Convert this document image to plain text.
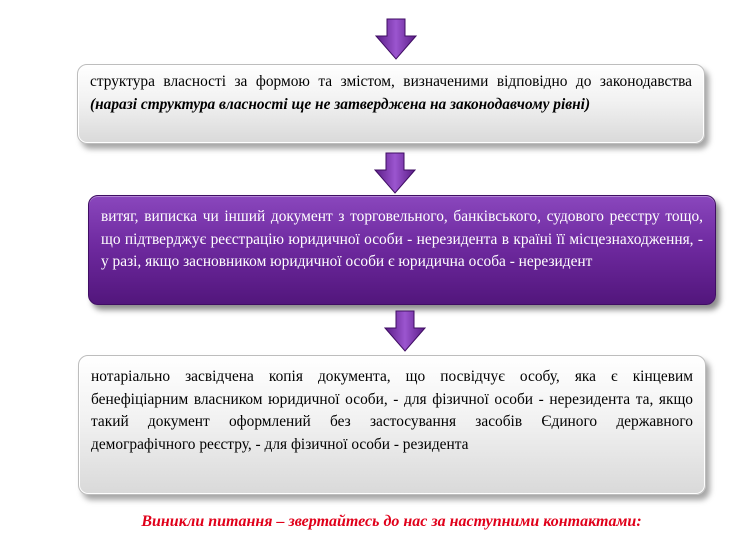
структура власності за формою та змістом, визначеними відповідно до законодавства (наразі структура власності ще не затверджена на законодавчому рівні)
витяг, виписка чи інший документ з торговельного, банківського, судового реєстру тощо, що підтверджує реєстрацію юридичної особи - нерезидента в країні її місцезнаходження, - у разі, якщо засновником юридичної особи є юридична особа - нерезидент
нотаріально засвідчена копія документа, що посвідчує особу, яка є кінцевим бенефіціарним власником юридичної особи, - для фізичної особи - нерезидента та, якщо такий документ оформлений без застосування засобів Єдиного державного демографічного реєстру, - для фізичної особи - резидента
Виникли питання – звертайтесь до нас за наступними контактами:
